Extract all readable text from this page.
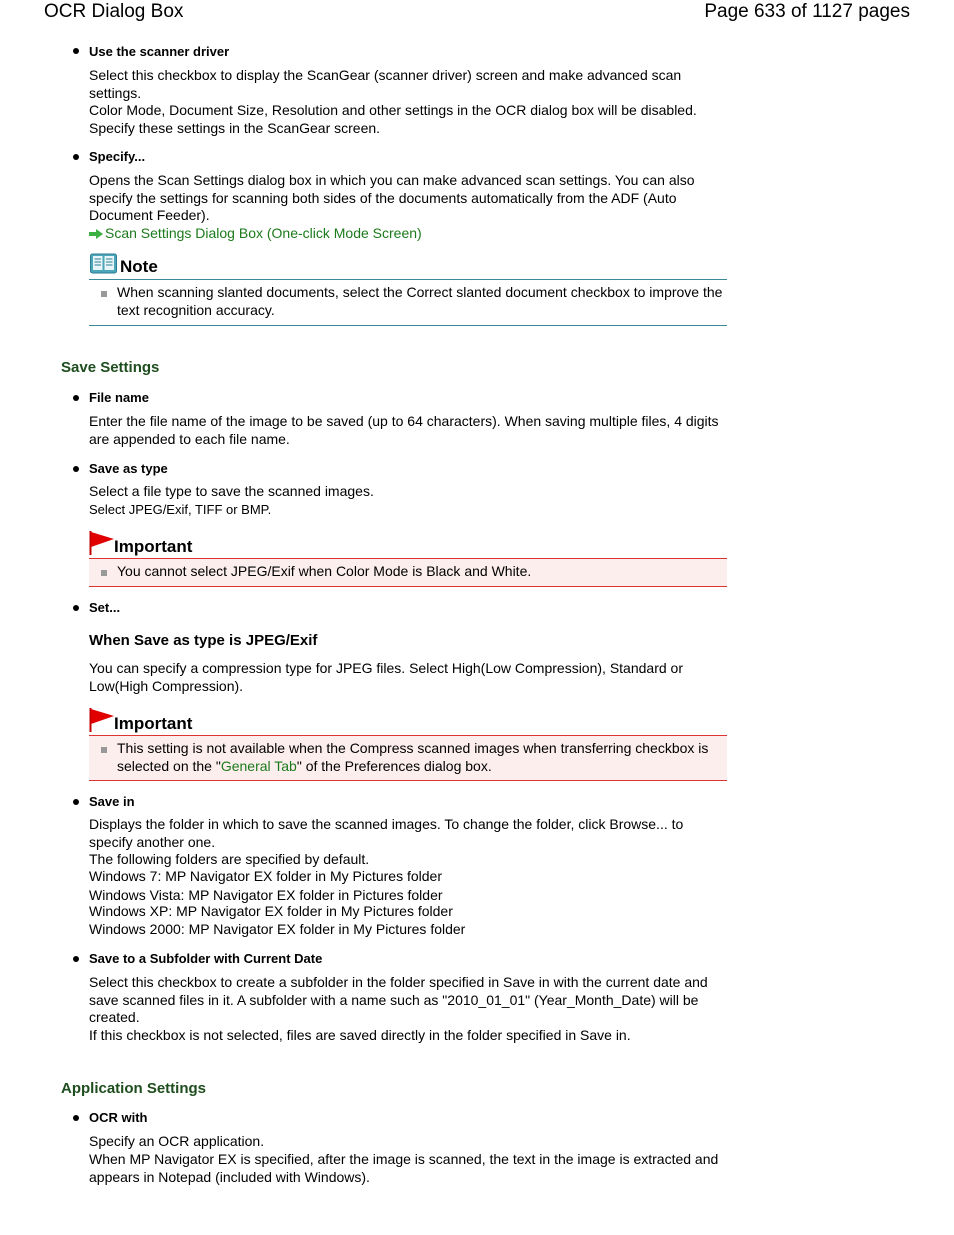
OCR Dialog Box	Page 633 of 1127 pages
Use the scanner driver
Select this checkbox to display the ScanGear (scanner driver) screen and make advanced scan settings.
Color Mode, Document Size, Resolution and other settings in the OCR dialog box will be disabled. Specify these settings in the ScanGear screen.
Specify...
Opens the Scan Settings dialog box in which you can make advanced scan settings. You can also specify the settings for scanning both sides of the documents automatically from the ADF (Auto Document Feeder).
Scan Settings Dialog Box (One-click Mode Screen)
Note
When scanning slanted documents, select the Correct slanted document checkbox to improve the text recognition accuracy.
Save Settings
File name
Enter the file name of the image to be saved (up to 64 characters). When saving multiple files, 4 digits are appended to each file name.
Save as type
Select a file type to save the scanned images.
Select JPEG/Exif, TIFF or BMP.
Important
You cannot select JPEG/Exif when Color Mode is Black and White.
Set...
When Save as type is JPEG/Exif
You can specify a compression type for JPEG files. Select High(Low Compression), Standard or Low(High Compression).
Important
This setting is not available when the Compress scanned images when transferring checkbox is selected on the "General Tab" of the Preferences dialog box.
Save in
Displays the folder in which to save the scanned images. To change the folder, click Browse... to specify another one.
The following folders are specified by default.
Windows 7: MP Navigator EX folder in My Pictures folder
Windows Vista: MP Navigator EX folder in Pictures folder
Windows XP: MP Navigator EX folder in My Pictures folder
Windows 2000: MP Navigator EX folder in My Pictures folder
Save to a Subfolder with Current Date
Select this checkbox to create a subfolder in the folder specified in Save in with the current date and save scanned files in it. A subfolder with a name such as "2010_01_01" (Year_Month_Date) will be created.
If this checkbox is not selected, files are saved directly in the folder specified in Save in.
Application Settings
OCR with
Specify an OCR application.
When MP Navigator EX is specified, after the image is scanned, the text in the image is extracted and appears in Notepad (included with Windows).
